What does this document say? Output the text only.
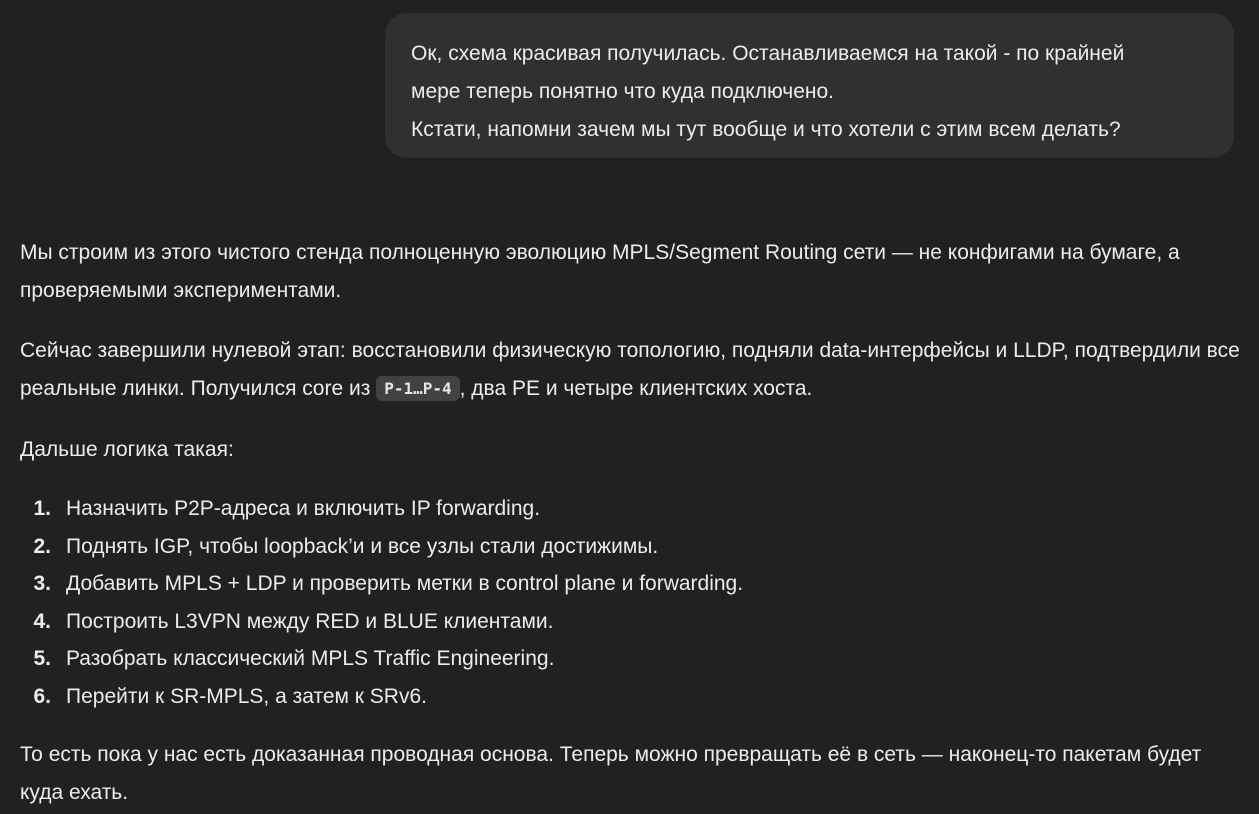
Ок, схема красивая получилась. Останавливаемся на такой - по крайней

мере теперь понятно что куда подключено.

Кстати, напомни зачем мы тут вообще и что хотели с этим всем делать?

Мы строим из этого чистого стенда полноценную эволюцию MPLS/Segment Routing сети — не конфигами на бумаге, а проверяемыми экспериментами.

Сейчас завершили нулевой этап: восстановили физическую топологию, подняли data-интерфейсы и LLDP, подтвердили все реальные линки. Получился core из P-1…P-4 , два PE и четыре клиентских хоста.

Дальше логика такая:

1. Назначить P2P-адреса и включить IP forwarding.
2. Поднять IGP, чтобы loopback’и и все узлы стали достижимы.
3. Добавить MPLS + LDP и проверить метки в control plane и forwarding.
4. Построить L3VPN между RED и BLUE клиентами.
5. Разобрать классический MPLS Traffic Engineering.
6. Перейти к SR-MPLS, а затем к SRv6.

То есть пока у нас есть доказанная проводная основа. Теперь можно превращать её в сеть — наконец-то пакетам будет куда ехать.
